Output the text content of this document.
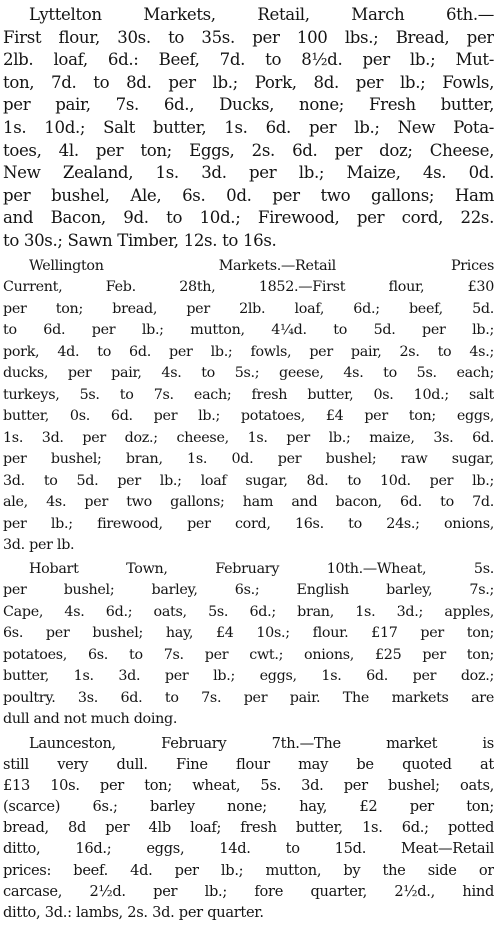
Lyttelton Markets, Retail, March 6th.—
First flour, 30s. to 35s. per 100 lbs.; Bread, per
2lb. loaf, 6d.: Beef, 7d. to 8½d. per lb.; Mut-
ton, 7d. to 8d. per lb.; Pork, 8d. per lb.; Fowls,
per pair, 7s. 6d., Ducks, none; Fresh butter,
1s. 10d.; Salt butter, 1s. 6d. per lb.; New Pota-
toes, 4l. per ton; Eggs, 2s. 6d. per doz; Cheese,
New Zealand, 1s. 3d. per lb.; Maize, 4s. 0d.
per bushel, Ale, 6s. 0d. per two gallons; Ham
and Bacon, 9d. to 10d.; Firewood, per cord, 22s.
to 30s.; Sawn Timber, 12s. to 16s.
Wellington Markets.—Retail Prices
Current, Feb. 28th, 1852.—First flour, £30
per ton; bread, per 2lb. loaf, 6d.; beef, 5d.
to 6d. per lb.; mutton, 4¼d. to 5d. per lb.;
pork, 4d. to 6d. per lb.; fowls, per pair, 2s. to 4s.;
ducks, per pair, 4s. to 5s.; geese, 4s. to 5s. each;
turkeys, 5s. to 7s. each; fresh butter, 0s. 10d.; salt
butter, 0s. 6d. per lb.; potatoes, £4 per ton; eggs,
1s. 3d. per doz.; cheese, 1s. per lb.; maize, 3s. 6d.
per bushel; bran, 1s. 0d. per bushel; raw sugar,
3d. to 5d. per lb.; loaf sugar, 8d. to 10d. per lb.;
ale, 4s. per two gallons; ham and bacon, 6d. to 7d.
per lb.; firewood, per cord, 16s. to 24s.; onions,
3d. per lb.
Hobart Town, February 10th.—Wheat, 5s.
per bushel; barley, 6s.; English barley, 7s.;
Cape, 4s. 6d.; oats, 5s. 6d.; bran, 1s. 3d.; apples,
6s. per bushel; hay, £4 10s.; flour. £17 per ton;
potatoes, 6s. to 7s. per cwt.; onions, £25 per ton;
butter, 1s. 3d. per lb.; eggs, 1s. 6d. per doz.;
poultry. 3s. 6d. to 7s. per pair. The markets are
dull and not much doing.
Launceston, February 7th.—The market is
still very dull. Fine flour may be quoted at
£13 10s. per ton; wheat, 5s. 3d. per bushel; oats,
(scarce) 6s.; barley none; hay, £2 per ton;
bread, 8d per 4lb loaf; fresh butter, 1s. 6d.; potted
ditto, 16d.; eggs, 14d. to 15d. Meat—Retail
prices: beef. 4d. per lb.; mutton, by the side or
carcase, 2½d. per lb.; fore quarter, 2½d., hind
ditto, 3d.: lambs, 2s. 3d. per quarter.
